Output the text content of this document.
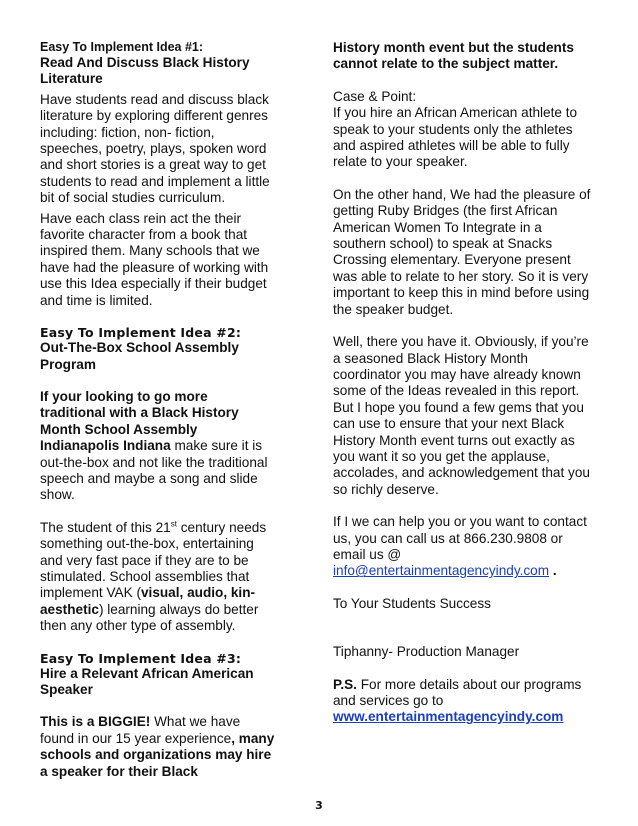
Easy To Implement Idea #1:

Read And Discuss Black History Literature

Have students read and discuss black literature by exploring different genres including: fiction, non- fiction, speeches, poetry, plays, spoken word and short stories is a great way to get students to read and implement a little bit of social studies curriculum.

Have each class rein act the their favorite character from a book that inspired them. Many schools that we have had the pleasure of working with use this Idea especially if their budget and time is limited.

Easy To Implement Idea #2:

Out-The-Box School Assembly Program

If your looking to go more traditional with a Black History Month School Assembly Indianapolis Indiana make sure it is out-the-box and not like the traditional speech and maybe a song and slide show.

The student of this 21st century needs something out-the-box, entertaining and very fast pace if they are to be stimulated. School assemblies that implement VAK (visual, audio, kin-aesthetic) learning always do better then any other type of assembly.

Easy To Implement Idea #3:

Hire a Relevant African American Speaker

This is a BIGGIE! What we have found in our 15 year experience, many schools and organizations may hire a speaker for their Black

History month event but the students cannot relate to the subject matter.

Case & Point:

If you hire an African American athlete to speak to your students only the athletes and aspired athletes will be able to fully relate to your speaker.

On the other hand, We had the pleasure of getting Ruby Bridges (the first African American Women To Integrate in a southern school) to speak at Snacks Crossing elementary. Everyone present was able to relate to her story. So it is very important to keep this in mind before using the speaker budget.

Well, there you have it. Obviously, if you’re a seasoned Black History Month coordinator you may have already known some of the Ideas revealed in this report. But I hope you found a few gems that you can use to ensure that your next Black History Month event turns out exactly as you want it so you get the applause, accolades, and acknowledgement that you so richly deserve.

If I we can help you or you want to contact us, you can call us at 866.230.9808 or email us @ info@entertainmentagencyindy.com .

To Your Students Success

Tiphanny- Production Manager

P.S. For more details about our programs and services go to

www.entertainmentagencyindy.com

3
